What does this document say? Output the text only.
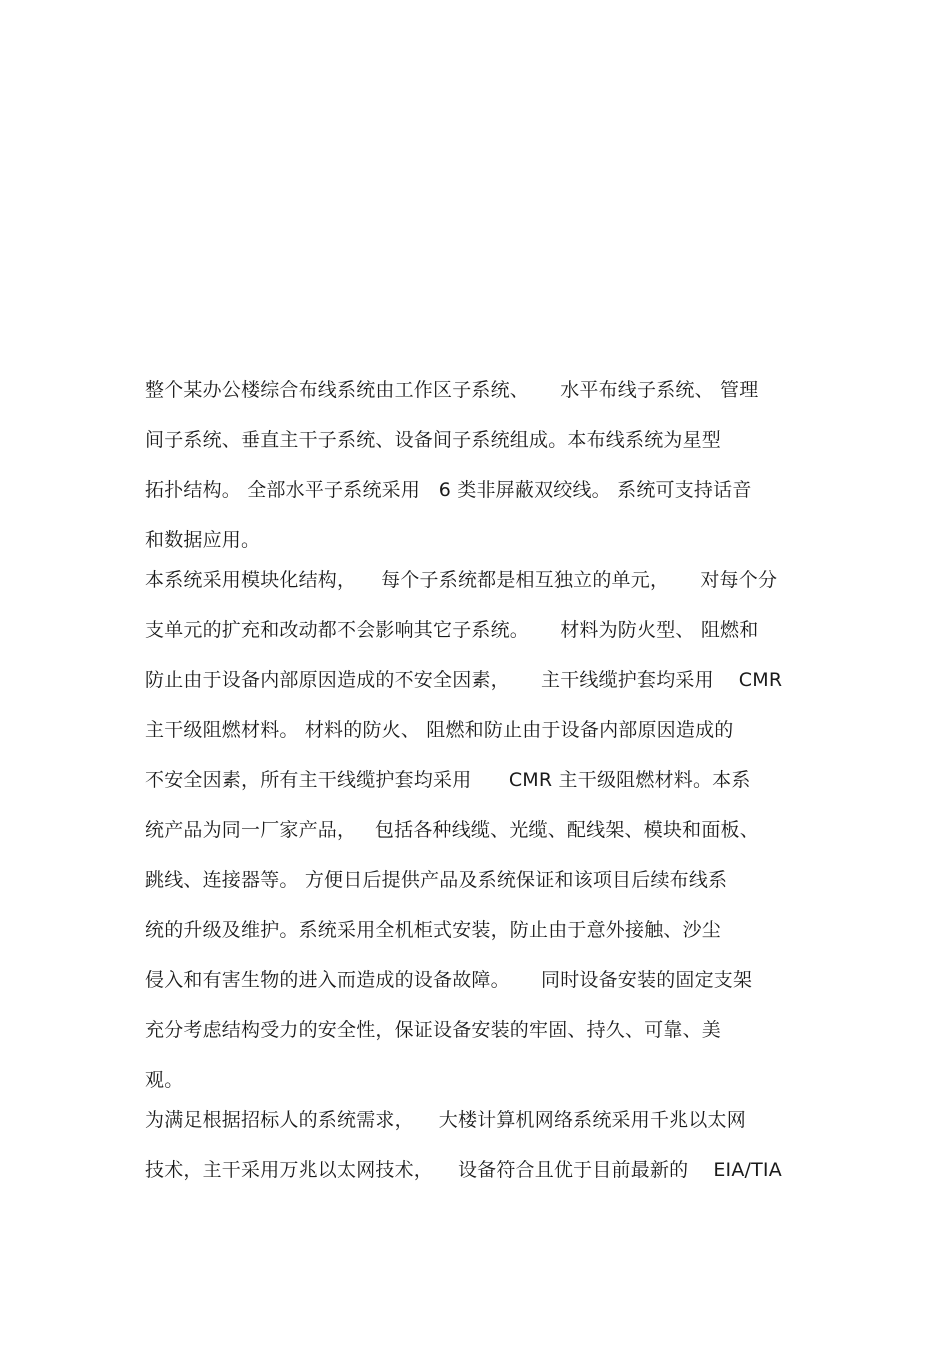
整个某办公楼综合布线系统由工作区子系统、     水平布线子系统、 管理
间子系统、垂直主干子系统、设备间子系统组成。本布线系统为星型
拓扑结构。 全部水平子系统采用   6 类非屏蔽双绞线。 系统可支持话音
和数据应用。
本系统采用模块化结构，    每个子系统都是相互独立的单元，     对每个分
支单元的扩充和改动都不会影响其它子系统。     材料为防火型、 阻燃和
防止由于设备内部原因造成的不安全因素，     主干线缆护套均采用    CMR
主干级阻燃材料。 材料的防火、 阻燃和防止由于设备内部原因造成的
不安全因素，所有主干线缆护套均采用      CMR 主干级阻燃材料。本系
统产品为同一厂家产品，   包括各种线缆、光缆、配线架、模块和面板、
跳线、连接器等。 方便日后提供产品及系统保证和该项目后续布线系
统的升级及维护。系统采用全机柜式安装，防止由于意外接触、沙尘
侵入和有害生物的进入而造成的设备故障。     同时设备安装的固定支架
充分考虑结构受力的安全性，保证设备安装的牢固、持久、可靠、美
观。
为满足根据招标人的系统需求，    大楼计算机网络系统采用千兆以太网
技术，主干采用万兆以太网技术，    设备符合且优于目前最新的    EIA/TIA
